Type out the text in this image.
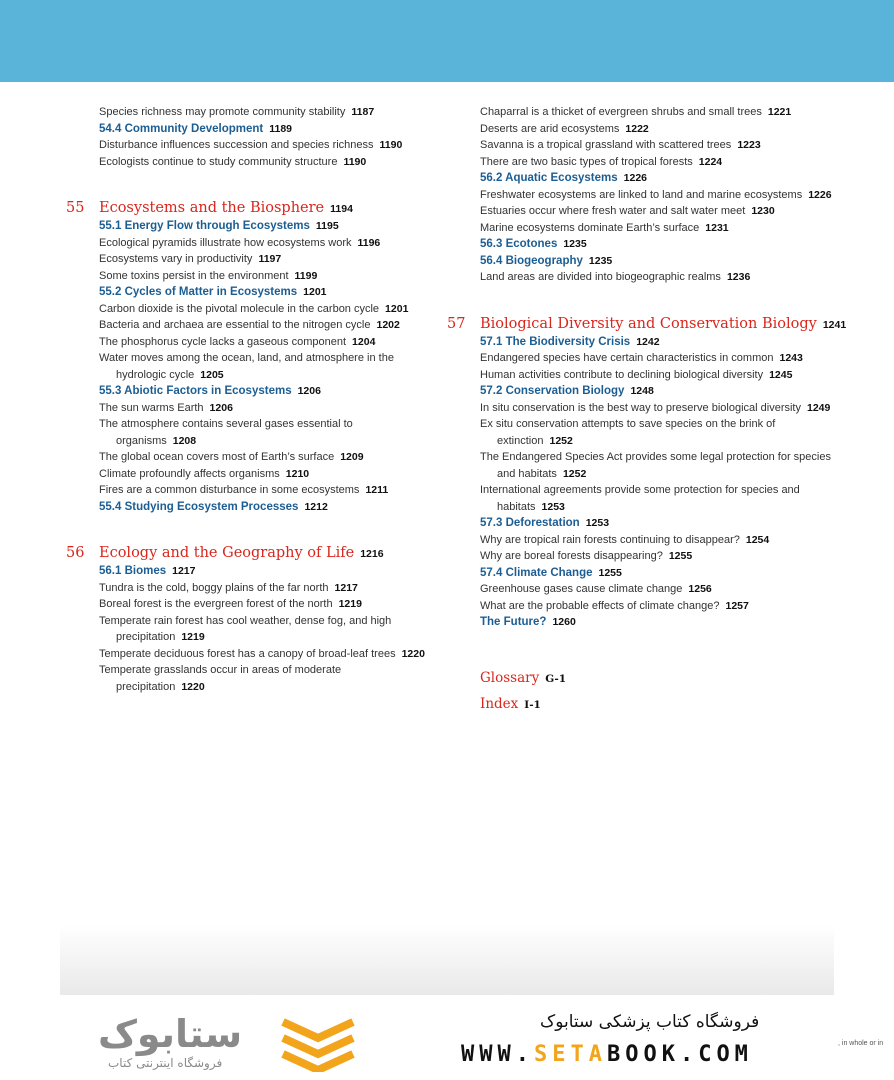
Species richness may promote community stability 1187
54.4 Community Development 1189
Disturbance influences succession and species richness 1190
Ecologists continue to study community structure 1190
55 Ecosystems and the Biosphere 1194
55.1 Energy Flow through Ecosystems 1195
Ecological pyramids illustrate how ecosystems work 1196
Ecosystems vary in productivity 1197
Some toxins persist in the environment 1199
55.2 Cycles of Matter in Ecosystems 1201
Carbon dioxide is the pivotal molecule in the carbon cycle 1201
Bacteria and archaea are essential to the nitrogen cycle 1202
The phosphorus cycle lacks a gaseous component 1204
Water moves among the ocean, land, and atmosphere in the hydrologic cycle 1205
55.3 Abiotic Factors in Ecosystems 1206
The sun warms Earth 1206
The atmosphere contains several gases essential to organisms 1208
The global ocean covers most of Earth’s surface 1209
Climate profoundly affects organisms 1210
Fires are a common disturbance in some ecosystems 1211
55.4 Studying Ecosystem Processes 1212
56 Ecology and the Geography of Life 1216
56.1 Biomes 1217
Tundra is the cold, boggy plains of the far north 1217
Boreal forest is the evergreen forest of the north 1219
Temperate rain forest has cool weather, dense fog, and high precipitation 1219
Temperate deciduous forest has a canopy of broad-leaf trees 1220
Temperate grasslands occur in areas of moderate precipitation 1220
Chaparral is a thicket of evergreen shrubs and small trees 1221
Deserts are arid ecosystems 1222
Savanna is a tropical grassland with scattered trees 1223
There are two basic types of tropical forests 1224
56.2 Aquatic Ecosystems 1226
Freshwater ecosystems are linked to land and marine ecosystems 1226
Estuaries occur where fresh water and salt water meet 1230
Marine ecosystems dominate Earth’s surface 1231
56.3 Ecotones 1235
56.4 Biogeography 1235
Land areas are divided into biogeographic realms 1236
57 Biological Diversity and Conservation Biology 1241
57.1 The Biodiversity Crisis 1242
Endangered species have certain characteristics in common 1243
Human activities contribute to declining biological diversity 1245
57.2 Conservation Biology 1248
In situ conservation is the best way to preserve biological diversity 1249
Ex situ conservation attempts to save species on the brink of extinction 1252
The Endangered Species Act provides some legal protection for species and habitats 1252
International agreements provide some protection for species and habitats 1253
57.3 Deforestation 1253
Why are tropical rain forests continuing to disappear? 1254
Why are boreal forests disappearing? 1255
57.4 Climate Change 1255
Greenhouse gases cause climate change 1256
What are the probable effects of climate change? 1257
The Future? 1260
Glossary G-1
Index I-1
ستابوک
فروشگاه اینترنتی کتاب
فروشگاه کتاب پزشکی ستابوک
WWW.SETABOOK.COM	, in whole or in
